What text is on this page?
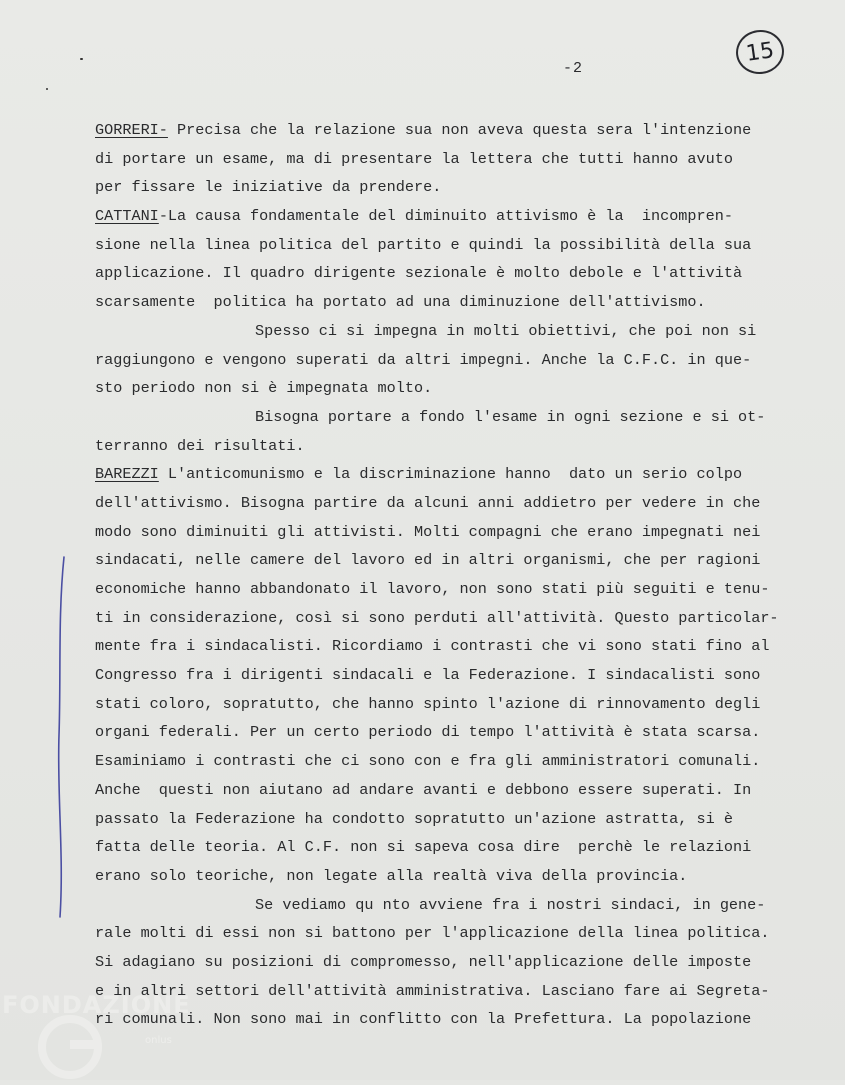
-2
15
GORRERI- Precisa che la relazione sua non aveva questa sera l'intenzione
di portare un esame, ma di presentare la lettera che tutti hanno avuto
per fissare le iniziative da prendere.
CATTANI-La causa fondamentale del diminuito attivismo è la  incompren-
sione nella linea politica del partito e quindi la possibilità della sua
applicazione. Il quadro dirigente sezionale è molto debole e l'attività
scarsamente  politica ha portato ad una diminuzione dell'attivismo.
Spesso ci si impegna in molti obiettivi, che poi non si
raggiungono e vengono superati da altri impegni. Anche la C.F.C. in que-
sto periodo non si è impegnata molto.
Bisogna portare a fondo l'esame in ogni sezione e si ot-
terranno dei risultati.
BAREZZI L'anticomunismo e la discriminazione hanno  dato un serio colpo
dell'attivismo. Bisogna partire da alcuni anni addietro per vedere in che
modo sono diminuiti gli attivisti. Molti compagni che erano impegnati nei
sindacati, nelle camere del lavoro ed in altri organismi, che per ragioni
economiche hanno abbandonato il lavoro, non sono stati più seguiti e tenu-
ti in considerazione, così si sono perduti all'attività. Questo particolar-
mente fra i sindacalisti. Ricordiamo i contrasti che vi sono stati fino al
Congresso fra i dirigenti sindacali e la Federazione. I sindacalisti sono
stati coloro, sopratutto, che hanno spinto l'azione di rinnovamento degli
organi federali. Per un certo periodo di tempo l'attività è stata scarsa.
Esaminiamo i contrasti che ci sono con e fra gli amministratori comunali.
Anche  questi non aiutano ad andare avanti e debbono essere superati. In
passato la Federazione ha condotto sopratutto un'azione astratta, si è
fatta delle teoria. Al C.F. non si sapeva cosa dire  perchè le relazioni
erano solo teoriche, non legate alla realtà viva della provincia.
Se vediamo qu nto avviene fra i nostri sindaci, in gene-
rale molti di essi non si battono per l'applicazione della linea politica.
Si adagiano su posizioni di compromesso, nell'applicazione delle imposte
e in altri settori dell'attività amministrativa. Lasciano fare ai Segreta-
ri comunali. Non sono mai in conflitto con la Prefettura. La popolazione
FONDAZIONE
onlus
